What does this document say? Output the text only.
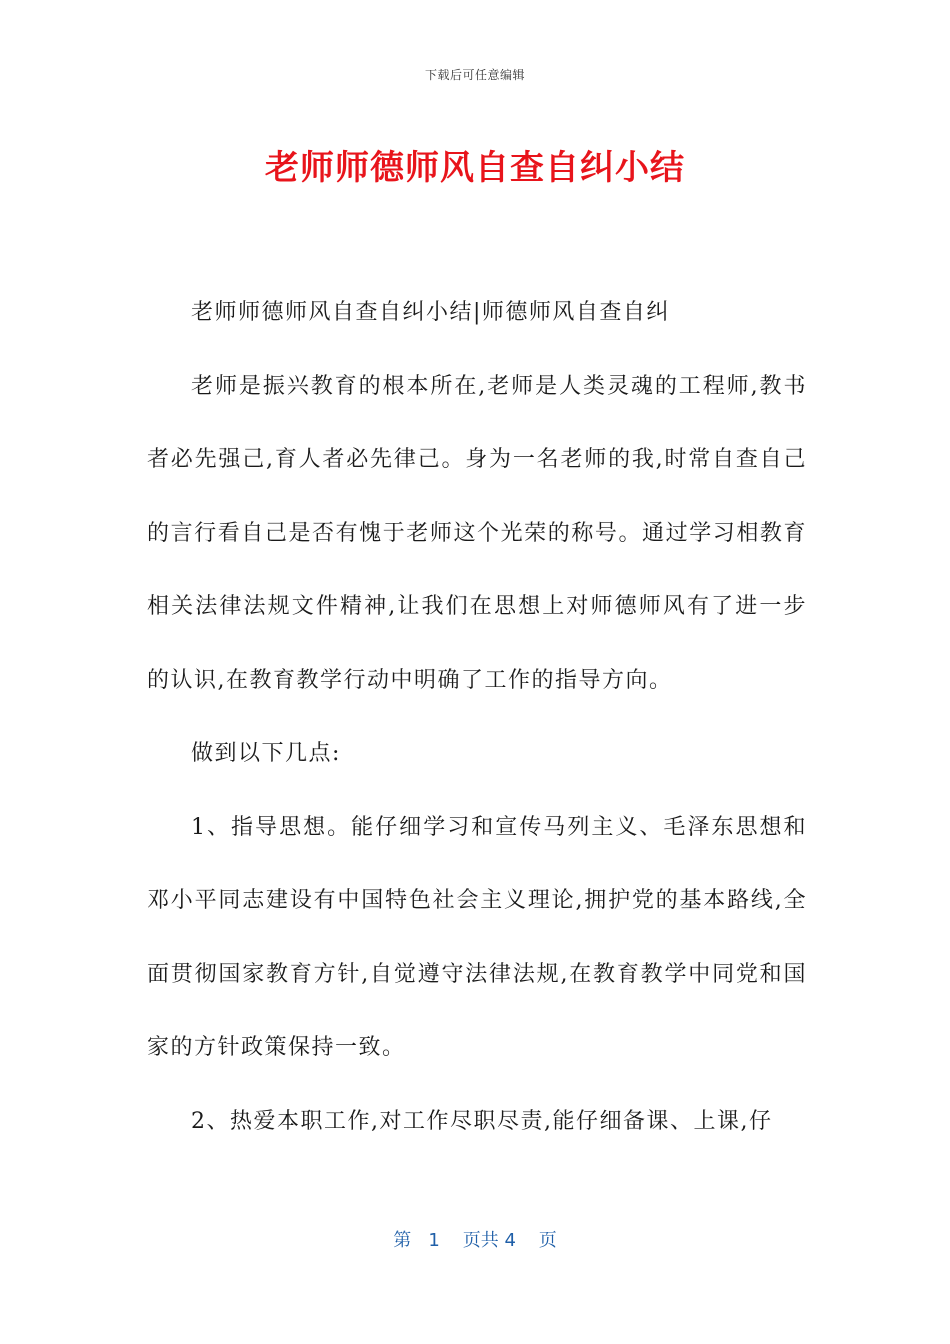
下载后可任意编辑
老师师德师风自查自纠小结

老师师德师风自查自纠小结|师德师风自查自纠

老师是振兴教育的根本所在,老师是人类灵魂的工程师,教书者必先强己,育人者必先律己。身为一名老师的我,时常自查自己的言行看自己是否有愧于老师这个光荣的称号。通过学习相教育相关法律法规文件精神,让我们在思想上对师德师风有了进一步的认识,在教育教学行动中明确了工作的指导方向。

做到以下几点:

1、指导思想。能仔细学习和宣传马列主义、毛泽东思想和邓小平同志建设有中国特色社会主义理论,拥护党的基本路线,全面贯彻国家教育方针,自觉遵守法律法规,在教育教学中同党和国家的方针政策保持一致。

2、热爱本职工作,对工作尽职尽责,能仔细备课、上课,仔

第 1 页共 4 页
